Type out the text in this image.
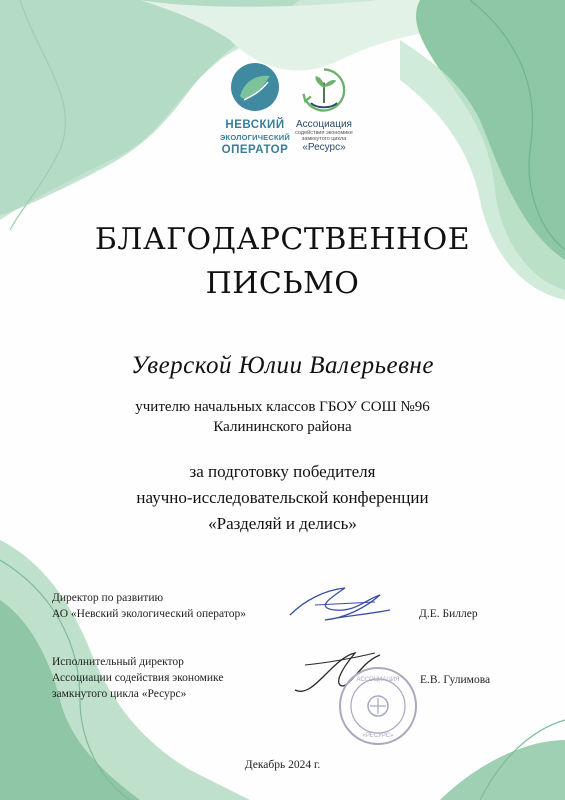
НЕВСКИЙ
ЭКОЛОГИЧЕСКИЙ
ОПЕРАТОР
Ассоциация
содействия экономике
замкнутого цикла
«Ресурс»
БЛАГОДАРСТВЕННОЕ
ПИСЬМО
Уверской Юлии Валерьевне
учителю начальных классов ГБОУ СОШ №96
Калининского района
за подготовку победителя
научно-исследовательской конференции
«Разделяй и делись»
Директор по развитию
АО «Невский экологический оператор»	Д.Е. Биллер
Исполнительный директор
Ассоциации содействия экономике
замкнутого цикла «Ресурс»
Е.В. Гулимова
АССОЦИАЦИЯ
«РЕСУРС»
Декабрь 2024 г.
